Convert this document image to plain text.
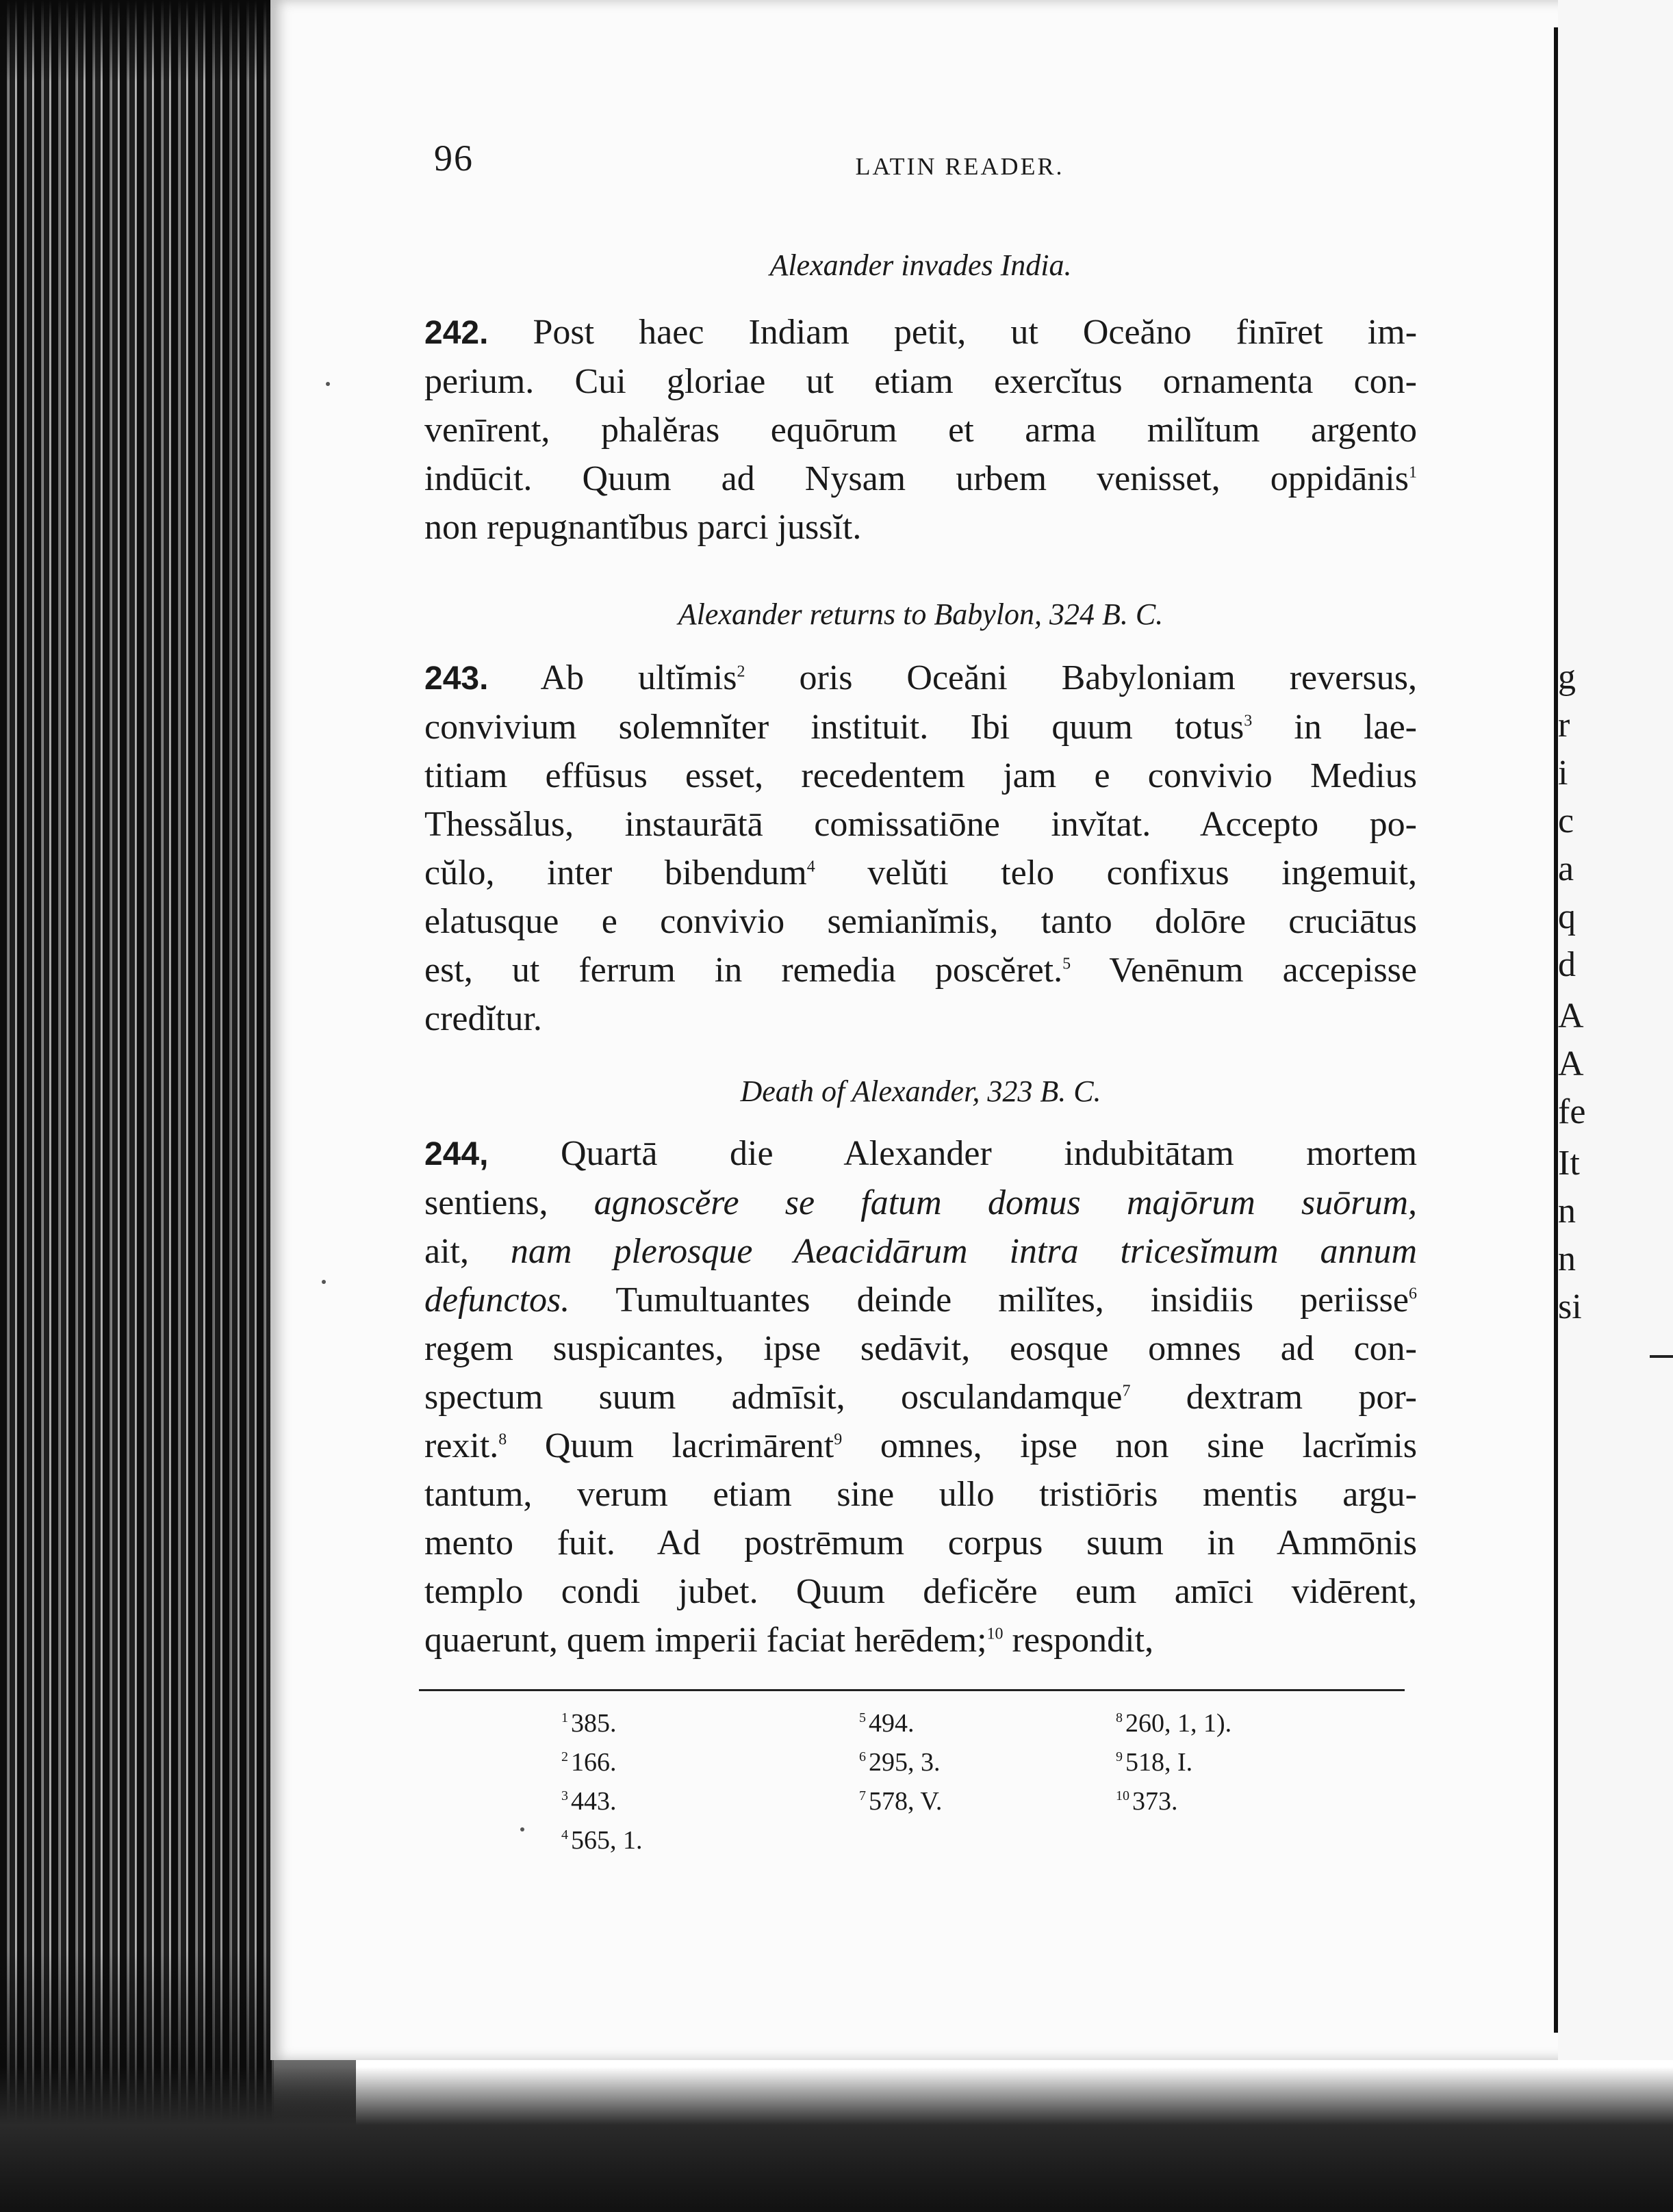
96	LATIN READER.
Alexander invades India.
242. Post haec Indiam petit, ut Oceăno finīret im-
perium. Cui gloriae ut etiam exercĭtus ornamenta con-
venīrent, phalĕras equōrum et arma milĭtum argento
indūcit. Quum ad Nysam urbem venisset, oppidānis$^1$
non repugnantĭbus parci jussĭt.
Alexander returns to Babylon, 324 B. C.
243. Ab ultĭmis$^2$ oris Oceăni Babyloniam reversus,
convivium solemnĭter instituit. Ibi quum totus$^3$ in lae-
titiam effūsus esset, recedentem jam e convivio Medius
Thessălus, instaurātā comissatiōne invĭtat. Accepto po-
cŭlo, inter bibendum$^4$ velŭti telo confixus ingemuit,
elatusque e convivio semianĭmis, tanto dolōre cruciātus
est, ut ferrum in remedia poscĕret.$^5$ Venēnum accepisse
credĭtur.
Death of Alexander, 323 B. C.
244, Quartā die Alexander indubitātam mortem
sentiens, agnoscĕre se fatum domus majōrum suōrum,
ait, nam plerosque Aeacidārum intra tricesĭmum annum
defunctos. Tumultuantes deinde milĭtes, insidiis periisse$^6$
regem suspicantes, ipse sedāvit, eosque omnes ad con-
spectum suum admīsit, osculandamque$^7$ dextram por-
rexit.$^8$ Quum lacrimārent$^9$ omnes, ipse non sine lacrĭmis
tantum, verum etiam sine ullo tristiōris mentis argu-
mento fuit. Ad postrēmum corpus suum in Ammōnis
templo condi jubet. Quum deficĕre eum amīci vidērent,
quaerunt, quem imperii faciat herēdem;$^{10}$ respondit,
$^1$ 385.
$^2$ 166.
$^3$ 443.
$^4$ 565, 1.
$^5$ 494.
$^6$ 295, 3.
$^7$ 578, V.
$^8$ 260, 1, 1).
$^9$ 518, I.
$^{10}$ 373.
g
r
i
c
a
q
d
A
A
fe
It
n
n
si
